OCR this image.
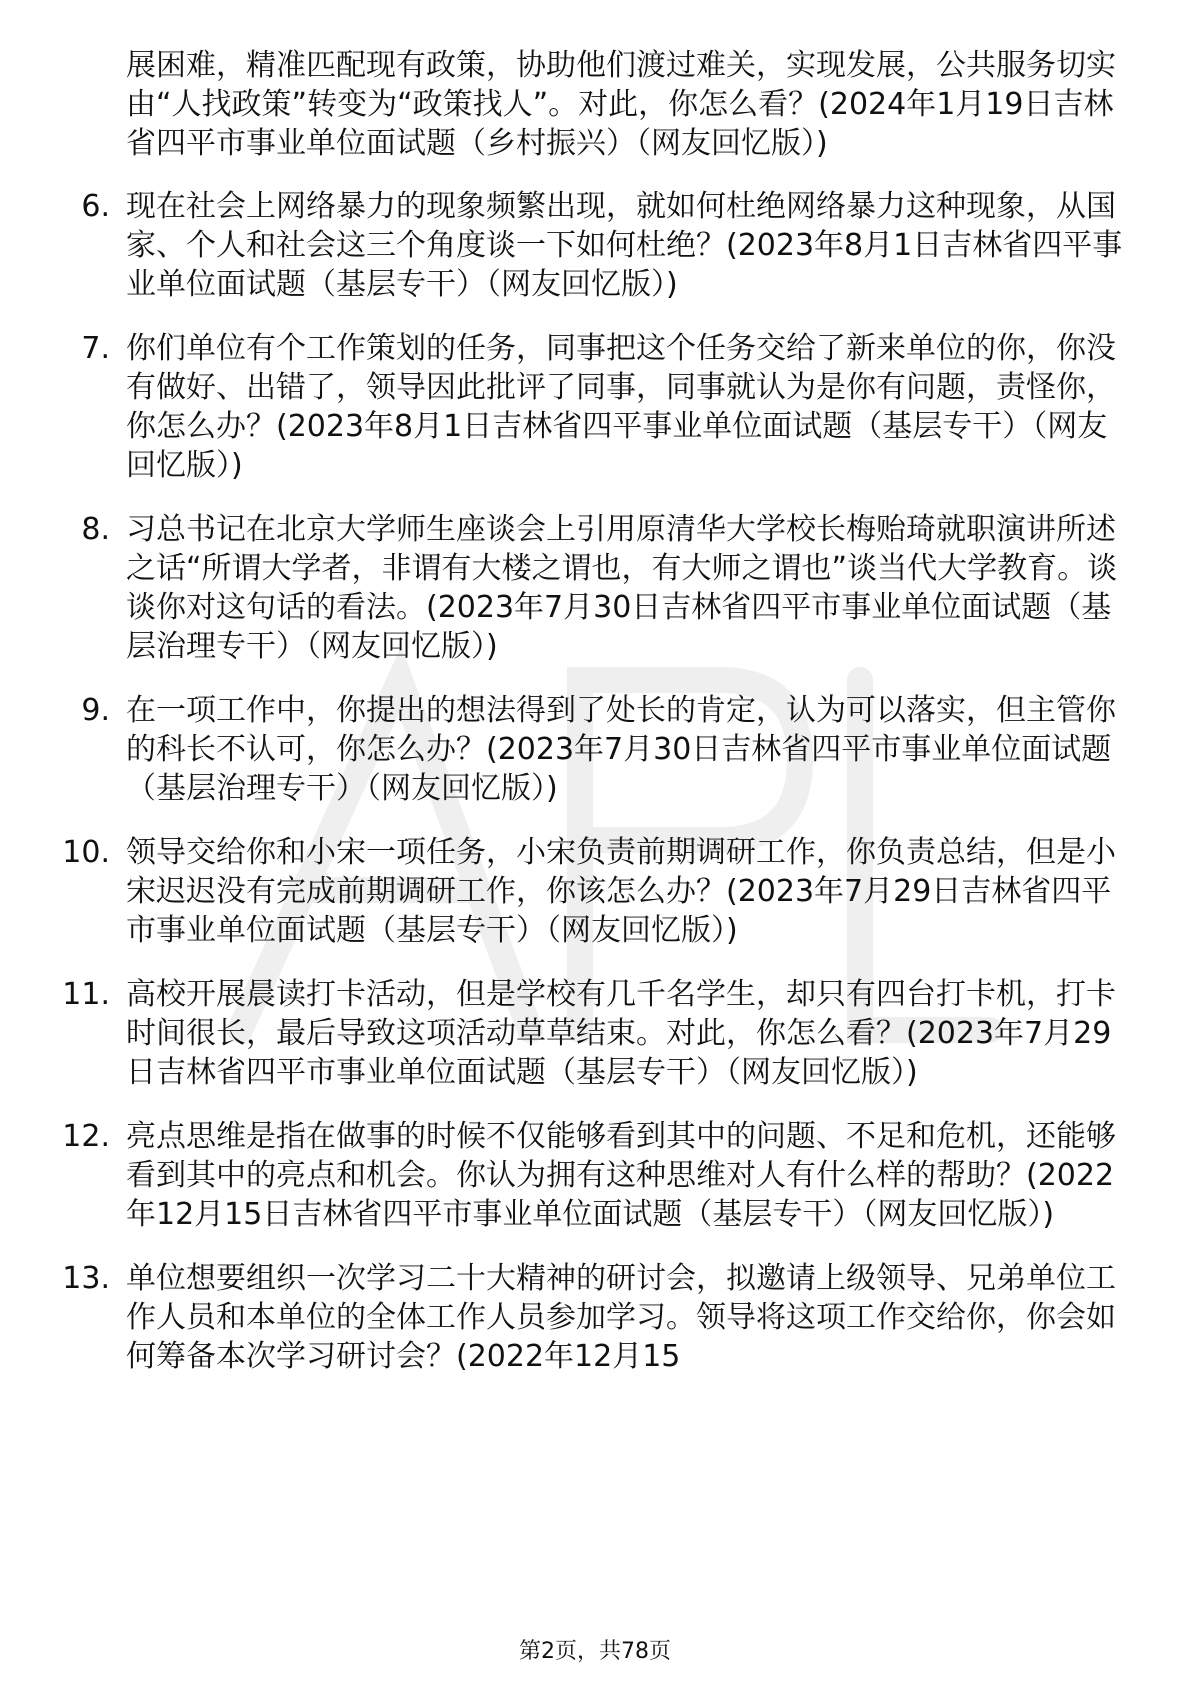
展困难，精准匹配现有政策，协助他们渡过难关，实现发展，公共服务切实由“人找政策”转变为“政策找人”。对此，你怎么看？(2024年1月19日吉林省四平市事业单位面试题（乡村振兴）（网友回忆版）)
6. 现在社会上网络暴力的现象频繁出现，就如何杜绝网络暴力这种现象，从国家、个人和社会这三个角度谈一下如何杜绝？(2023年8月1日吉林省四平事业单位面试题（基层专干）（网友回忆版）)
7. 你们单位有个工作策划的任务，同事把这个任务交给了新来单位的你，你没有做好、出错了，领导因此批评了同事，同事就认为是你有问题，责怪你，你怎么办？(2023年8月1日吉林省四平事业单位面试题（基层专干）（网友回忆版）)
8. 习总书记在北京大学师生座谈会上引用原清华大学校长梅贻琦就职演讲所述之话“所谓大学者，非谓有大楼之谓也，有大师之谓也”谈当代大学教育。谈谈你对这句话的看法。(2023年7月30日吉林省四平市事业单位面试题（基层治理专干）（网友回忆版）)
9. 在一项工作中，你提出的想法得到了处长的肯定，认为可以落实，但主管你的科长不认可，你怎么办？(2023年7月30日吉林省四平市事业单位面试题（基层治理专干）（网友回忆版）)
10. 领导交给你和小宋一项任务，小宋负责前期调研工作，你负责总结，但是小宋迟迟没有完成前期调研工作，你该怎么办？(2023年7月29日吉林省四平市事业单位面试题（基层专干）（网友回忆版）)
11. 高校开展晨读打卡活动，但是学校有几千名学生，却只有四台打卡机，打卡时间很长，最后导致这项活动草草结束。对此，你怎么看？(2023年7月29日吉林省四平市事业单位面试题（基层专干）（网友回忆版）)
12. 亮点思维是指在做事的时候不仅能够看到其中的问题、不足和危机，还能够看到其中的亮点和机会。你认为拥有这种思维对人有什么样的帮助？(2022年12月15日吉林省四平市事业单位面试题（基层专干）（网友回忆版）)
13. 单位想要组织一次学习二十大精神的研讨会，拟邀请上级领导、兄弟单位工作人员和本单位的全体工作人员参加学习。领导将这项工作交给你，你会如何筹备本次学习研讨会？(2022年12月15
第2页，共78页
